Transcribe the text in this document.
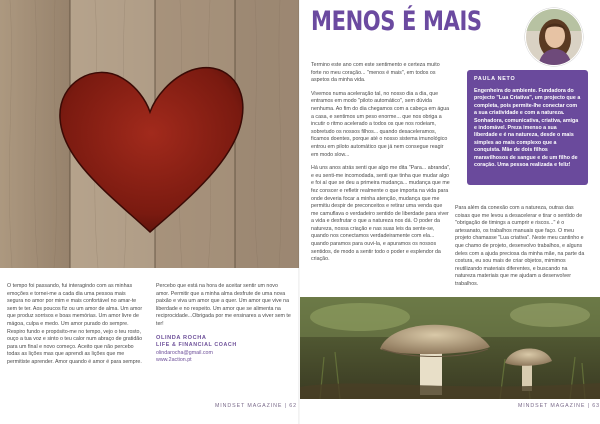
O tempo foi passando, fui interagindo com as minhas emoções e tornei-me a cada dia uma pessoa mais segura no amor por mim e mais confortável no amar-te sem te ter. Aos poucos fiz ou um amor de alma. Um amor que produz sorrisos e boas memórias. Um amor livre de mágoa, culpa e medo. Um amor purado do sempre. Respiro fundo e propósito-me no tempo, vejo o teu rosto, ouço a tua voz e sinto o teu calor num abraço de gratidão para um final e novo começo. Aceito que não percebo todas as lições mas que aprendi as lições que me permitiste aprender. Amor quando é amor é para sempre.

Percebo que está na hora de aceitar sentir um novo amor. Permitir que a minha alma desfrute de uma nova paixão e viva um amor que a quer. Um amor que vive na liberdade e no respeito. Um amor que se alimenta na reciprocidade...Obrigada por me ensinares a viver sem te ter!

OLINDA ROCHA
LIFE & FINANCIAL COACH
olindarocha@gmail.com
www.2action.pt
MINDSET MAGAZINE | 62
MENOS É MAIS

Termino este ano com este sentimento e certeza muito forte no meu coração... "menos é mais", em todos os aspetos da minha vida.

Vivemos numa aceleração tal, no nosso dia a dia, que entramos em modo "piloto automático", sem dúvida nenhuma. Ao fim do dia chegamos com a cabeça em água a casa, e sentimos um peso enorme... que nos obriga a incutir o ritmo acelerado a todos os que nos rodeiam, sobretudo os nossos filhos... quando desaceleramos, ficamos doentes, porque até o nosso sistema imunológico entrou em piloto automático que já nem consegue reagir em modo slow...

Há uns anos atrás senti que algo me dita "Para... abranda", e eu senti-me incomodada, senti que tinha que mudar algo e foi aí que se deu a primeira mudança... mudança que me fez conscer e refletir realmente o que importa na vida para onde deveria focar a minha atenção, mudança que me permitiu despir de preconceitos e retirar uma venda que me camuflava o verdadeiro sentido de liberdade para viver a vida e desfrutar o que a natureza nos dá. O poder da natureza, nossa criação e nas suas leis da sente-se, quando nos conectamos verdadeiramente com ela... quando paramos para ouvi-la, e apuramos os nossos sentidos, de modo a sentir todo o poder e esplendor da criação.

PAULA NETO
Engenheira do ambiente. Fundadora do projecto "Lua Criativa", um projecto que a completa, pois permite-lhe conectar com a sua criatividade e com a natureza. Sonhadora, comunicativa, criativa, amiga e indomável. Preza imenso a sua liberdade e é na natureza, desde o mais simples ao mais complexo que a conquista. Mãe de dois filhos maravilhosos de sangue e de um filho de coração. Uma pessoa realizada e feliz!

Para além da conexão com a natureza, outras das coisas que me levou a desacelerar e tirar o sentido de "obrigação de timings a cumprir e riscos..." é o artesanato, os trabalhos manuais que faço. O meu projeto chamasse "Lua criativa". Neste meu cantinho e que chamo de projeto, desenvolvo trabalhos, e alguns deles com a ajuda preciosa da minha mãe, na parte da costura, eu sou mais de criar objetos, mimimos reutilizando materiais diferentes, e buscando na natureza materiais que me ajudam a desenvolver trabalhos.

MINDSET MAGAZINE | 63
